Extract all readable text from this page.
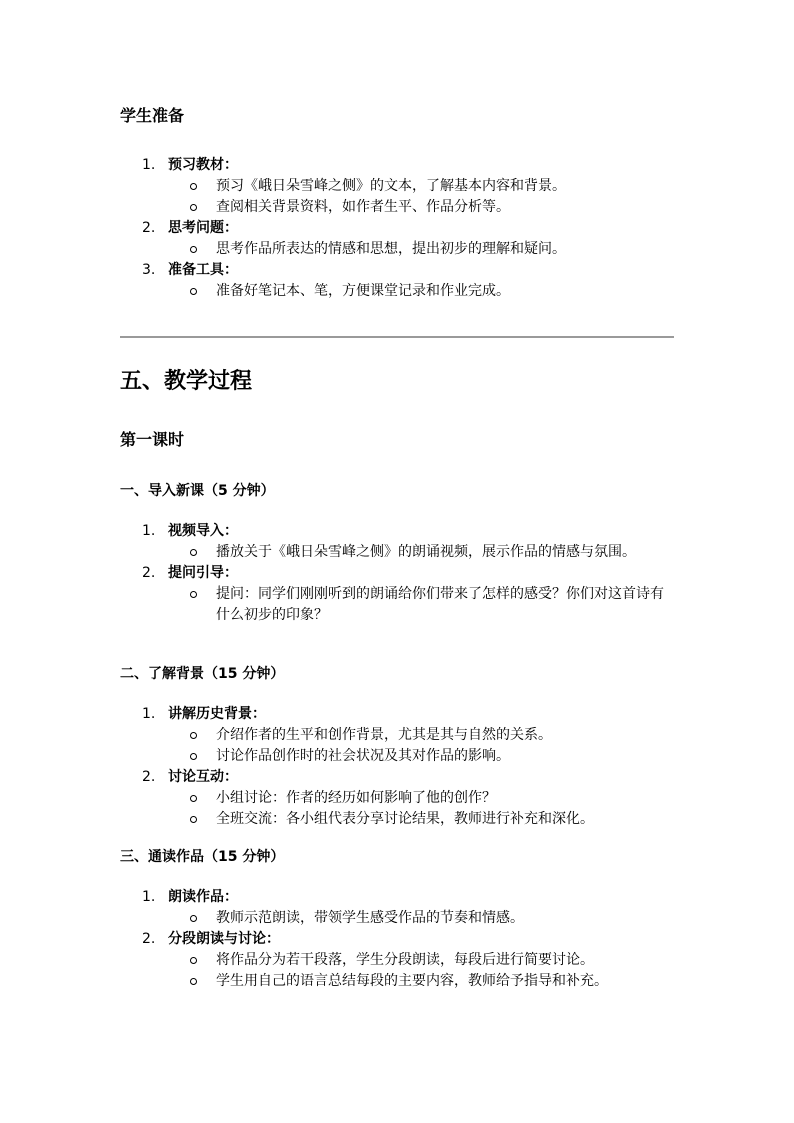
学生准备
1. 预习教材：
预习《峨日朵雪峰之侧》的文本，了解基本内容和背景。
查阅相关背景资料，如作者生平、作品分析等。
2. 思考问题：
思考作品所表达的情感和思想，提出初步的理解和疑问。
3. 准备工具：
准备好笔记本、笔，方便课堂记录和作业完成。
五、教学过程
第一课时
一、导入新课（5 分钟）
1. 视频导入：
播放关于《峨日朵雪峰之侧》的朗诵视频，展示作品的情感与氛围。
2. 提问引导：
提问：同学们刚刚听到的朗诵给你们带来了怎样的感受？你们对这首诗有什么初步的印象？
二、了解背景（15 分钟）
1. 讲解历史背景：
介绍作者的生平和创作背景，尤其是其与自然的关系。
讨论作品创作时的社会状况及其对作品的影响。
2. 讨论互动：
小组讨论：作者的经历如何影响了他的创作？
全班交流：各小组代表分享讨论结果，教师进行补充和深化。
三、通读作品（15 分钟）
1. 朗读作品：
教师示范朗读，带领学生感受作品的节奏和情感。
2. 分段朗读与讨论：
将作品分为若干段落，学生分段朗读，每段后进行简要讨论。
学生用自己的语言总结每段的主要内容，教师给予指导和补充。
